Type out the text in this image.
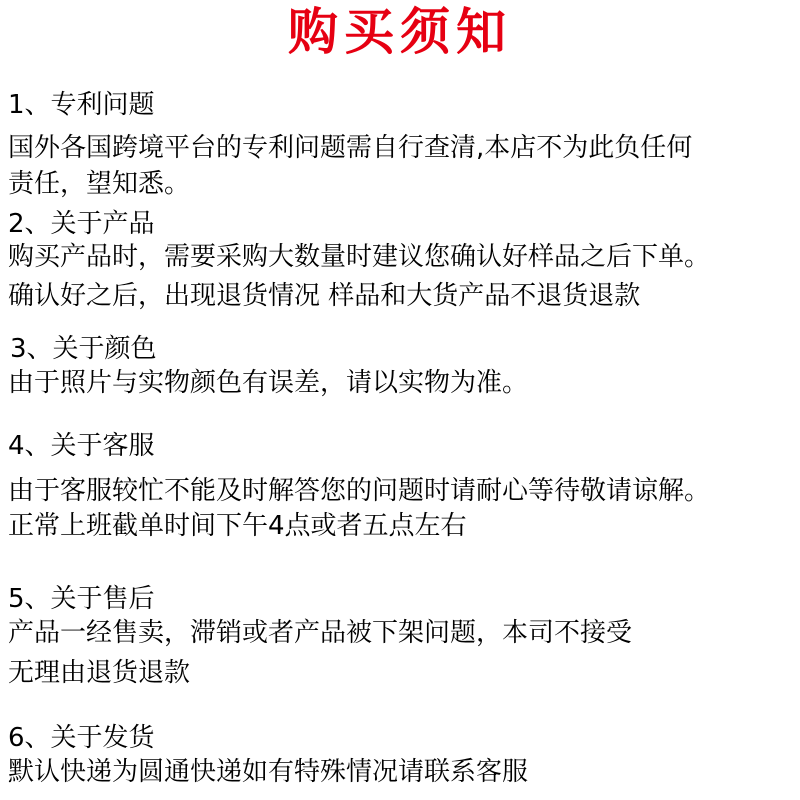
购买须知
1、专利问题
国外各国跨境平台的专利问题需自行查清,本店不为此负任何
责任，望知悉。
2、关于产品
购买产品时，需要采购大数量时建议您确认好样品之后下单。
确认好之后，出现退货情况 样品和大货产品不退货退款
3、关于颜色
由于照片与实物颜色有误差，请以实物为准。
4、关于客服
由于客服较忙不能及时解答您的问题时请耐心等待敬请谅解。
正常上班截单时间下午4点或者五点左右
5、关于售后
产品一经售卖，滞销或者产品被下架问题，本司不接受
无理由退货退款
6、关于发货
默认快递为圆通快递如有特殊情况请联系客服
